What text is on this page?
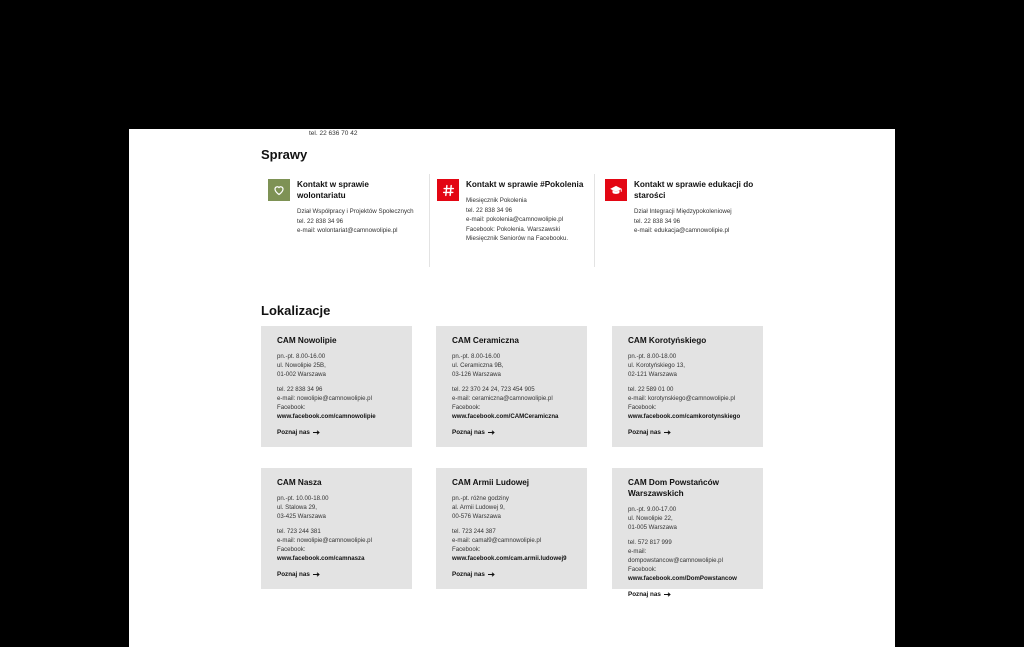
tel. 22 636 70 42
Sprawy
Kontakt w sprawie
wolontariatu
Dział Współpracy i Projektów Społecznych
tel. 22 838 34 96
e-mail: wolontariat@camnowolipie.pl
Kontakt w sprawie #Pokolenia
Miesięcznik Pokolenia
tel. 22 838 34 96
e-mail: pokolenia@camnowolipie.pl
Facebook: Pokolenia. Warszawski
Miesięcznik Seniorów na Facebooku.
Kontakt w sprawie edukacji do
starości
Dział Integracji Międzypokoleniowej
tel. 22 838 34 96
e-mail: edukacja@camnowolipie.pl
Lokalizacje
CAM Nowolipie
pn.-pt. 8.00-16.00
ul. Nowolipie 25B,
01-002 Warszawa
tel. 22 838 34 96
e-mail: nowolipie@camnowolipie.pl
Facebook:
www.facebook.com/camnowolipie
Poznaj nas
CAM Ceramiczna
pn.-pt. 8.00-16.00
ul. Ceramiczna 9B,
03-126 Warszawa
tel. 22 370 24 24, 723 454 905
e-mail: ceramiczna@camnowolipie.pl
Facebook:
www.facebook.com/CAMCeramiczna
Poznaj nas
CAM Korotyńskiego
pn.-pt. 8.00-18.00
ul. Korotyńskiego 13,
02-121 Warszawa
tel. 22 589 01 00
e-mail: korotynskiego@camnowolipie.pl
Facebook:
www.facebook.com/camkorotynskiego
Poznaj nas
CAM Nasza
pn.-pt. 10.00-18.00
ul. Stalowa 29,
03-425 Warszawa
tel. 723 244 381
e-mail: nowolipie@camnowolipie.pl
Facebook:
www.facebook.com/camnasza
Poznaj nas
CAM Armii Ludowej
pn.-pt. różne godziny
al. Armii Ludowej 9,
00-576 Warszawa
tel. 723 244 387
e-mail: camal9@camnowolipie.pl
Facebook:
www.facebook.com/cam.armii.ludowej9
Poznaj nas
CAM Dom Powstańców
Warszawskich
pn.-pt. 9.00-17.00
ul. Nowolipie 22,
01-005 Warszawa
tel. 572 817 999
e-mail:
dompowstancow@camnowolipie.pl
Facebook:
www.facebook.com/DomPowstancow
Poznaj nas
